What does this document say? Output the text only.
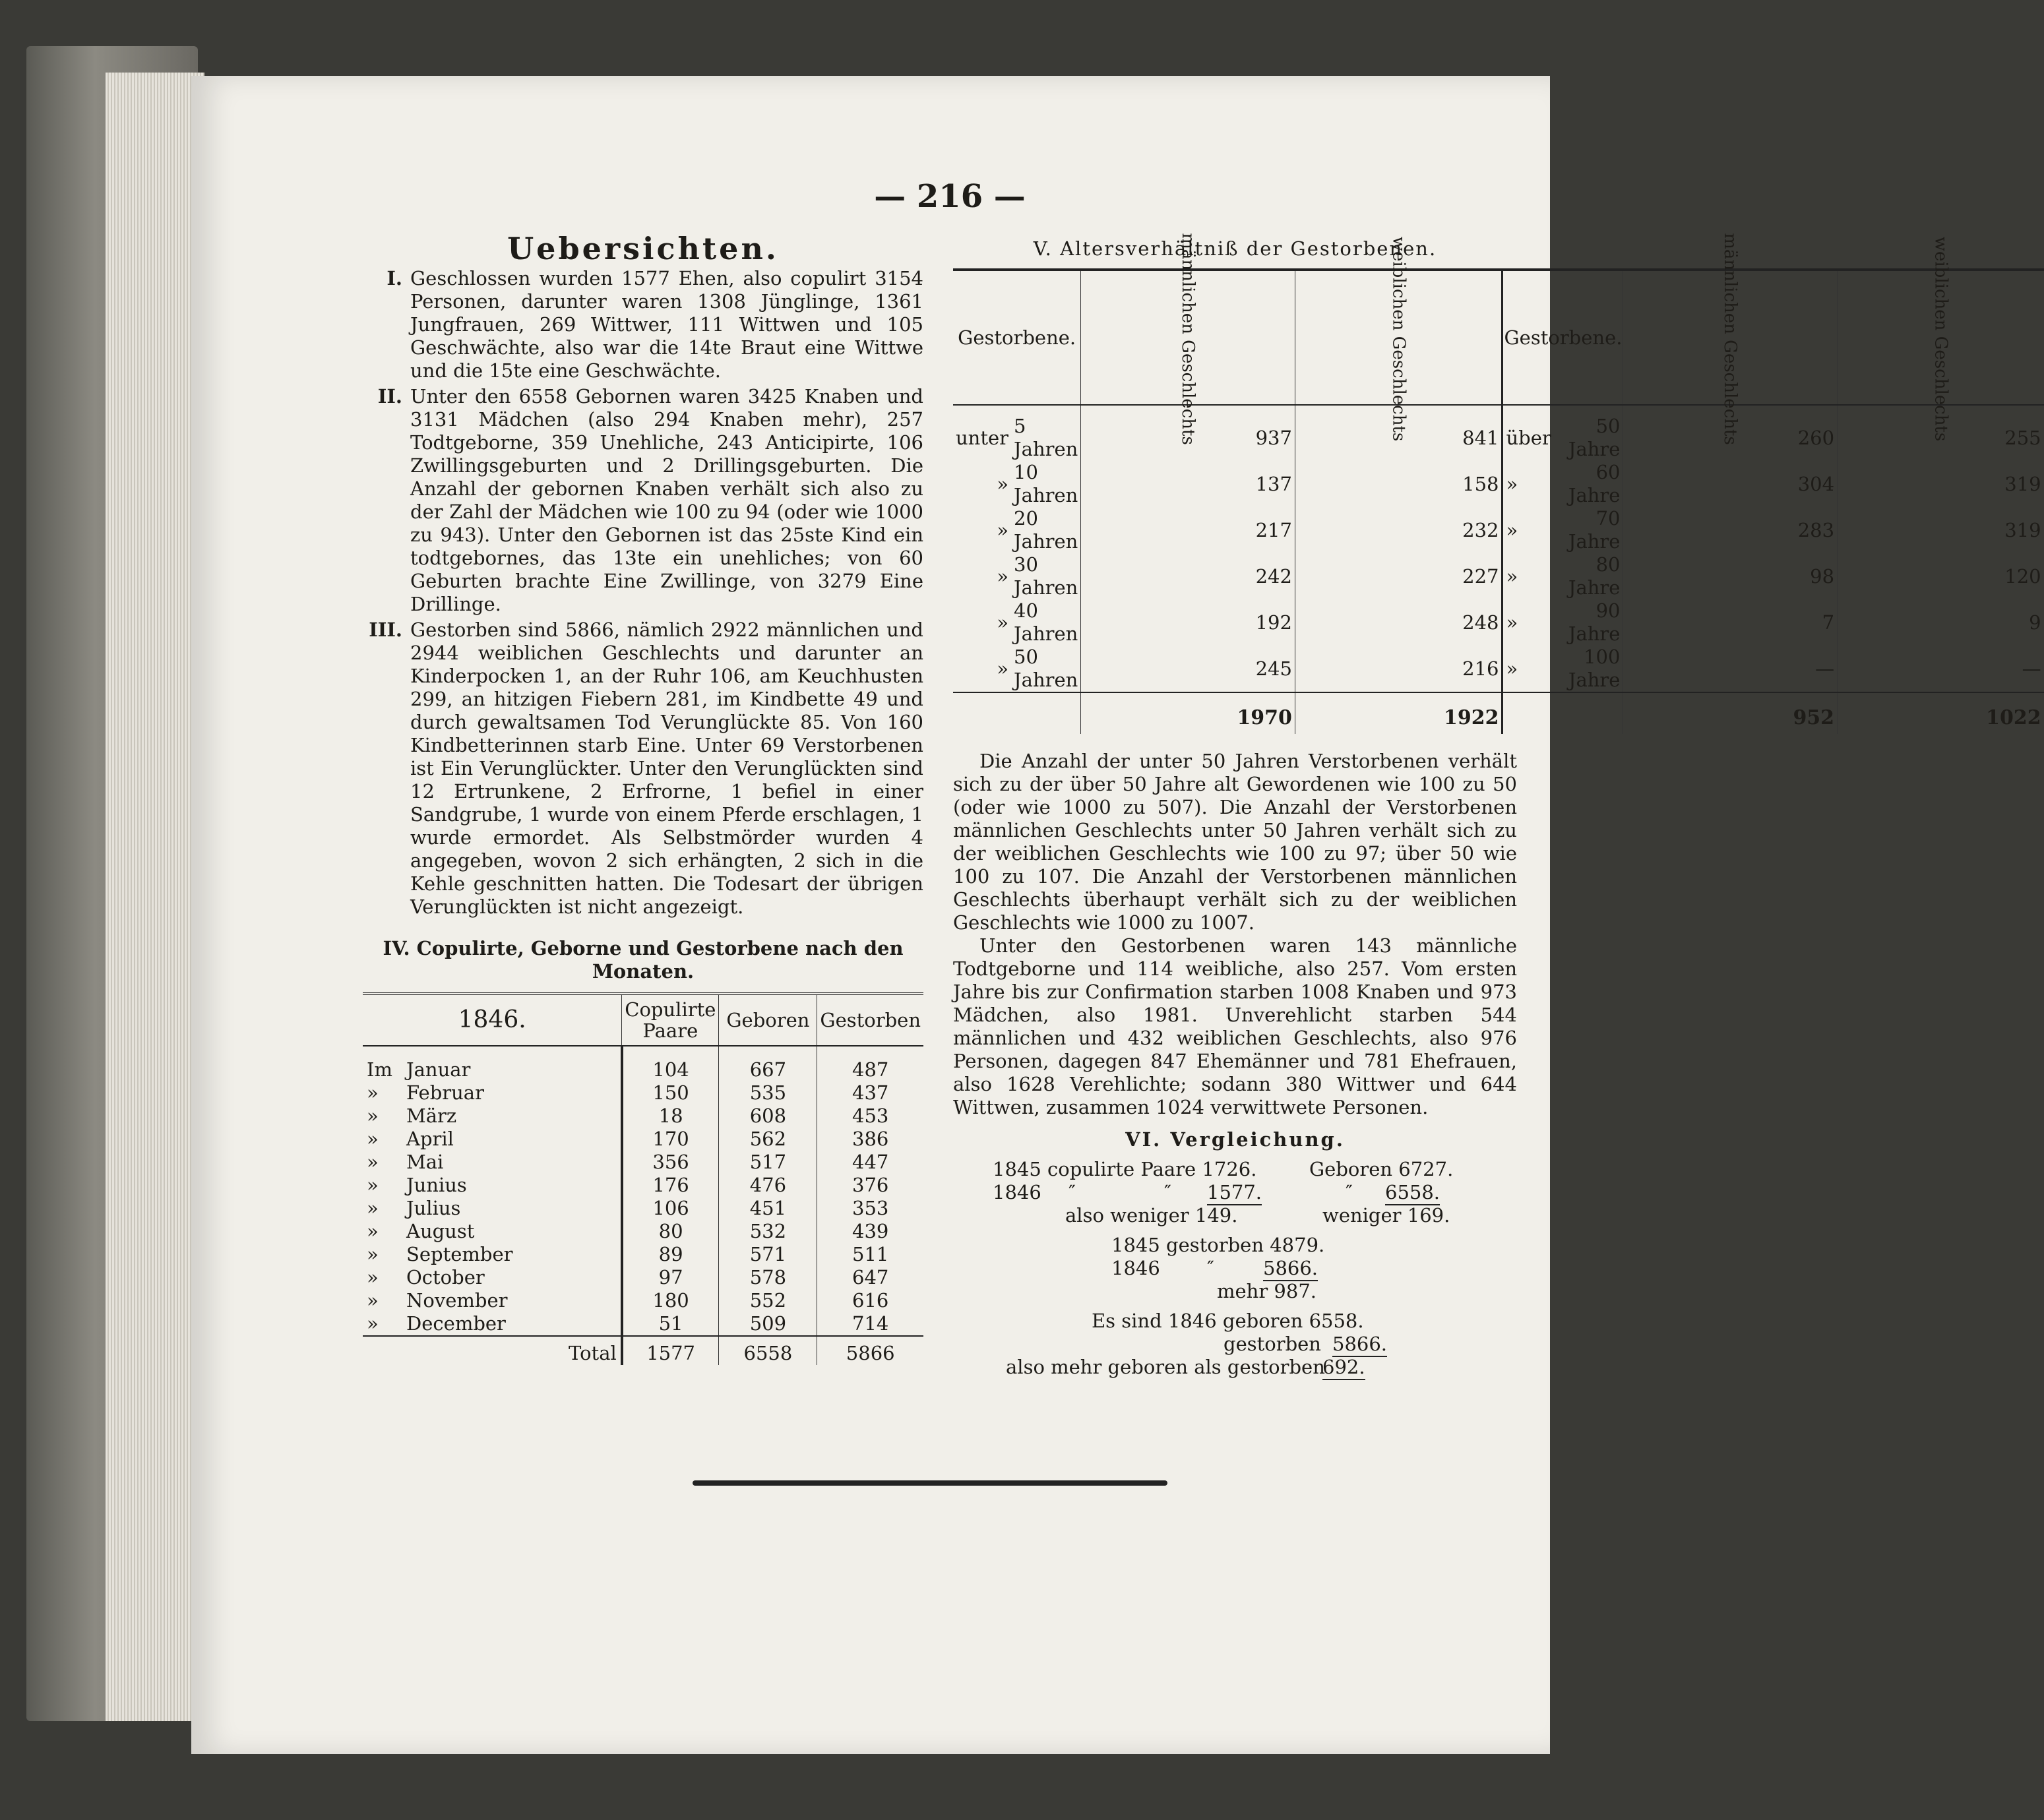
— 216 —
Uebersichten.
I. Geschlossen wurden 1577 Ehen, also copulirt 3154 Personen, darunter waren 1308 Jünglinge, 1361 Jungfrauen, 269 Wittwer, 111 Wittwen und 105 Geschwächte, also war die 14te Braut eine Wittwe und die 15te eine Geschwächte.
II. Unter den 6558 Gebornen waren 3425 Knaben und 3131 Mädchen (also 294 Knaben mehr), 257 Todtgeborne, 359 Unehliche, 243 Anticipirte, 106 Zwillingsgeburten und 2 Drillingsgeburten. Die Anzahl der gebornen Knaben verhält sich also zu der Zahl der Mädchen wie 100 zu 94 (oder wie 1000 zu 943). Unter den Gebornen ist das 25ste Kind ein todtgebornes, das 13te ein unehliches; von 60 Geburten brachte Eine Zwillinge, von 3279 Eine Drillinge.
III. Gestorben sind 5866, nämlich 2922 männlichen und 2944 weiblichen Geschlechts und darunter an Kinderpocken 1, an der Ruhr 106, am Keuchhusten 299, an hitzigen Fiebern 281, im Kindbette 49 und durch gewaltsamen Tod Verunglückte 85. Von 160 Kindbetterinnen starb Eine. Unter 69 Verstorbenen ist Ein Verunglückter. Unter den Verunglückten sind 12 Ertrunkene, 2 Erfrorne, 1 befiel in einer Sandgrube, 1 wurde von einem Pferde erschlagen, 1 wurde ermordet. Als Selbstmörder wurden 4 angegeben, wovon 2 sich erhängten, 2 sich in die Kehle geschnitten hatten. Die Todesart der übrigen Verunglückten ist nicht angezeigt.
IV. Copulirte, Geborne und Gestorbene nach den Monaten.
1846.		Copulirte Paare	Geboren	Gestorben
Im	Januar	104	667	487
»	Februar	150	535	437
»	März	18	608	453
»	April	170	562	386
»	Mai	356	517	447
»	Junius	176	476	376
»	Julius	106	451	353
»	August	80	532	439
»	September	89	571	511
»	October	97	578	647
»	November	180	552	616
»	December	51	509	714
	Total	1577	6558	5866
V. Altersverhältniß der Gestorbenen.
Gestorbene.		männlichen Geschlechts	weiblichen Geschlechts	Gestorbene.		männlichen Geschlechts	weiblichen Geschlechts
unter	5 Jahren	937	841	über	50 Jahre	260	255
»	10 Jahren	137	158	»	60 Jahre	304	319
»	20 Jahren	217	232	»	70 Jahre	283	319
»	30 Jahren	242	227	»	80 Jahre	98	120
»	40 Jahren	192	248	»	90 Jahre	7	9
»	50 Jahren	245	216	»	100 Jahre	—	—
		1970	1922			952	1022

Die Anzahl der unter 50 Jahren Verstorbenen verhält sich zu der über 50 Jahre alt Gewordenen wie 100 zu 50 (oder wie 1000 zu 507). Die Anzahl der Verstorbenen männlichen Geschlechts unter 50 Jahren verhält sich zu der weiblichen Geschlechts wie 100 zu 97; über 50 wie 100 zu 107. Die Anzahl der Verstorbenen männlichen Geschlechts überhaupt verhält sich zu der weiblichen Geschlechts wie 1000 zu 1007.

Unter den Gestorbenen waren 143 männliche Todtgeborne und 114 weibliche, also 257. Vom ersten Jahre bis zur Confirmation starben 1008 Knaben und 973 Mädchen, also 1981. Unverehlicht starben 544 männlichen und 432 weiblichen Geschlechts, also 976 Personen, dagegen 847 Ehemänner und 781 Ehefrauen, also 1628 Verehlichte; sodann 380 Wittwer und 644 Wittwen, zusammen 1024 verwittwete Personen.

VI. Vergleichung.
1845 copulirte Paare 1726.	Geboren 6727.
1846 ″	″ 1577.	″ 6558.
also weniger 149.	weniger 169.
1845 gestorben 4879.
1846 ″	5866.
mehr 987.
Es sind 1846 geboren 6558.
gestorben 5866.
also mehr geboren als gestorben
692.
